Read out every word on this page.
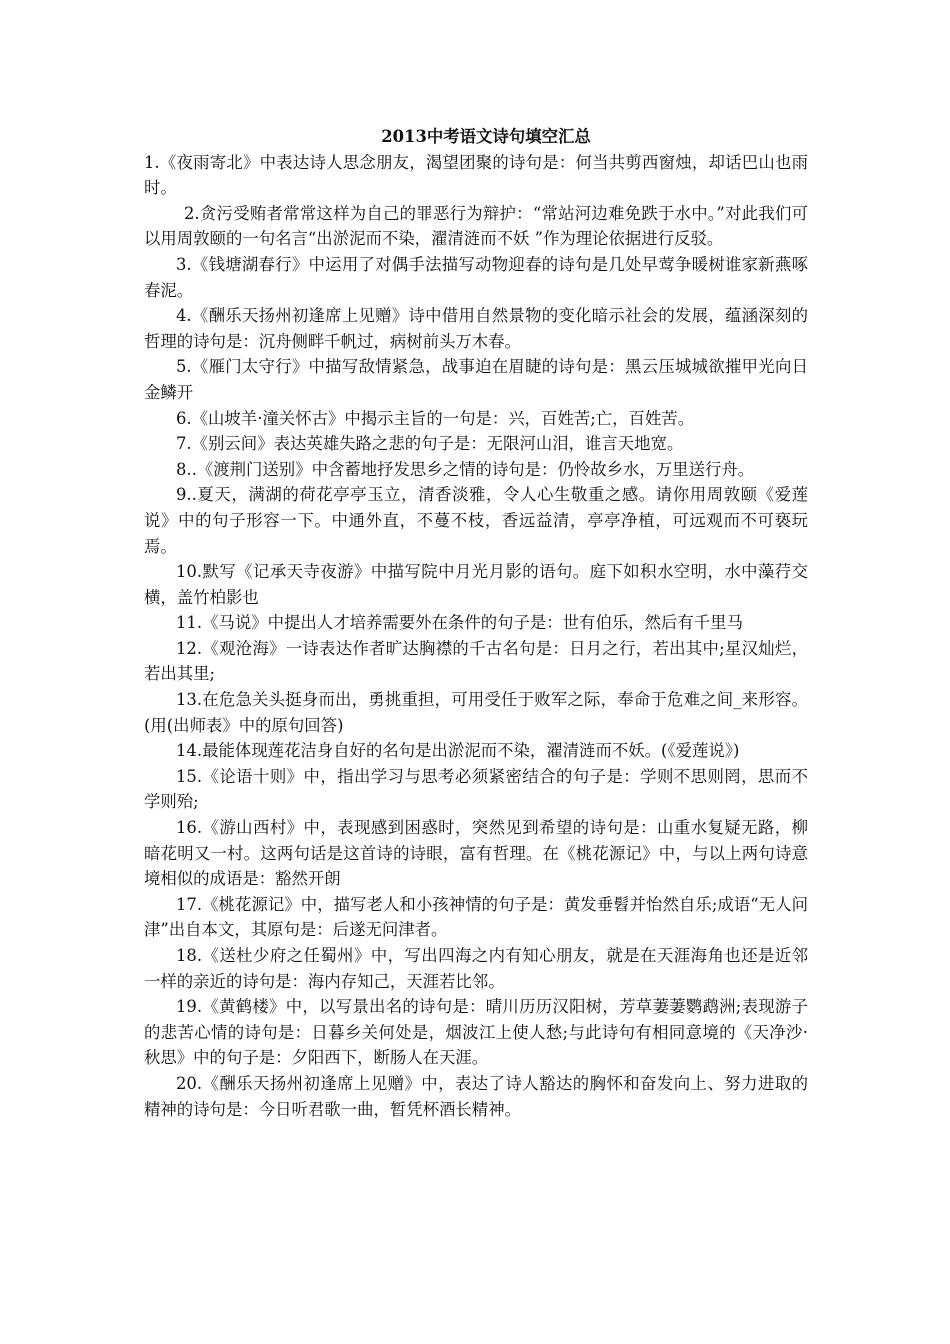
2013中考语文诗句填空汇总

1.《夜雨寄北》中表达诗人思念朋友，渴望团聚的诗句是：何当共剪西窗烛，却话巴山也雨时。

2.贪污受贿者常常这样为自己的罪恶行为辩护：“常站河边难免跌于水中。”对此我们可以用周敦颐的一句名言“出淤泥而不染，濯清涟而不妖 ”作为理论依据进行反驳。

3.《钱塘湖春行》中运用了对偶手法描写动物迎春的诗句是几处早莺争暖树谁家新燕啄春泥。

4.《酬乐天扬州初逢席上见赠》诗中借用自然景物的变化暗示社会的发展，蕴涵深刻的哲理的诗句是：沉舟侧畔千帆过，病树前头万木春。

5.《雁门太守行》中描写敌情紧急，战事迫在眉睫的诗句是：黑云压城城欲摧甲光向日金鳞开

6.《山坡羊·潼关怀古》中揭示主旨的一句是：兴，百姓苦;亡，百姓苦。

7.《别云间》表达英雄失路之悲的句子是：无限河山泪，谁言天地宽。

8..《渡荆门送别》中含蓄地抒发思乡之情的诗句是：仍怜故乡水，万里送行舟。

9..夏天，满湖的荷花亭亭玉立，清香淡雅，令人心生敬重之感。请你用周敦颐《爱莲说》中的句子形容一下。中通外直，不蔓不枝，香远益清，亭亭净植，可远观而不可亵玩焉。

10.默写《记承天寺夜游》中描写院中月光月影的语句。庭下如积水空明，水中藻荇交横，盖竹柏影也

11.《马说》中提出人才培养需要外在条件的句子是：世有伯乐，然后有千里马

12.《观沧海》一诗表达作者旷达胸襟的千古名句是：日月之行，若出其中;星汉灿烂，若出其里;

13.在危急关头挺身而出，勇挑重担，可用受任于败军之际，奉命于危难之间_来形容。(用(出师表》中的原句回答)

14.最能体现莲花洁身自好的名句是出淤泥而不染，濯清涟而不妖。(《爱莲说》)

15.《论语十则》中，指出学习与思考必须紧密结合的句子是：学则不思则罔，思而不学则殆;

16.《游山西村》中，表现感到困惑时，突然见到希望的诗句是：山重水复疑无路，柳暗花明又一村。这两句话是这首诗的诗眼，富有哲理。在《桃花源记》中，与以上两句诗意境相似的成语是：豁然开朗

17.《桃花源记》中，描写老人和小孩神情的句子是：黄发垂髫并怡然自乐;成语“无人问津”出自本文，其原句是：后遂无问津者。

18.《送杜少府之任蜀州》中，写出四海之内有知心朋友，就是在天涯海角也还是近邻一样的亲近的诗句是：海内存知己，天涯若比邻。

19.《黄鹤楼》中，以写景出名的诗句是：晴川历历汉阳树，芳草萋萋鹦鹉洲;表现游子的悲苦心情的诗句是：日暮乡关何处是，烟波江上使人愁;与此诗句有相同意境的《天净沙·秋思》中的句子是：夕阳西下，断肠人在天涯。

20.《酬乐天扬州初逢席上见赠》中，表达了诗人豁达的胸怀和奋发向上、努力进取的精神的诗句是：今日听君歌一曲，暂凭杯酒长精神。
